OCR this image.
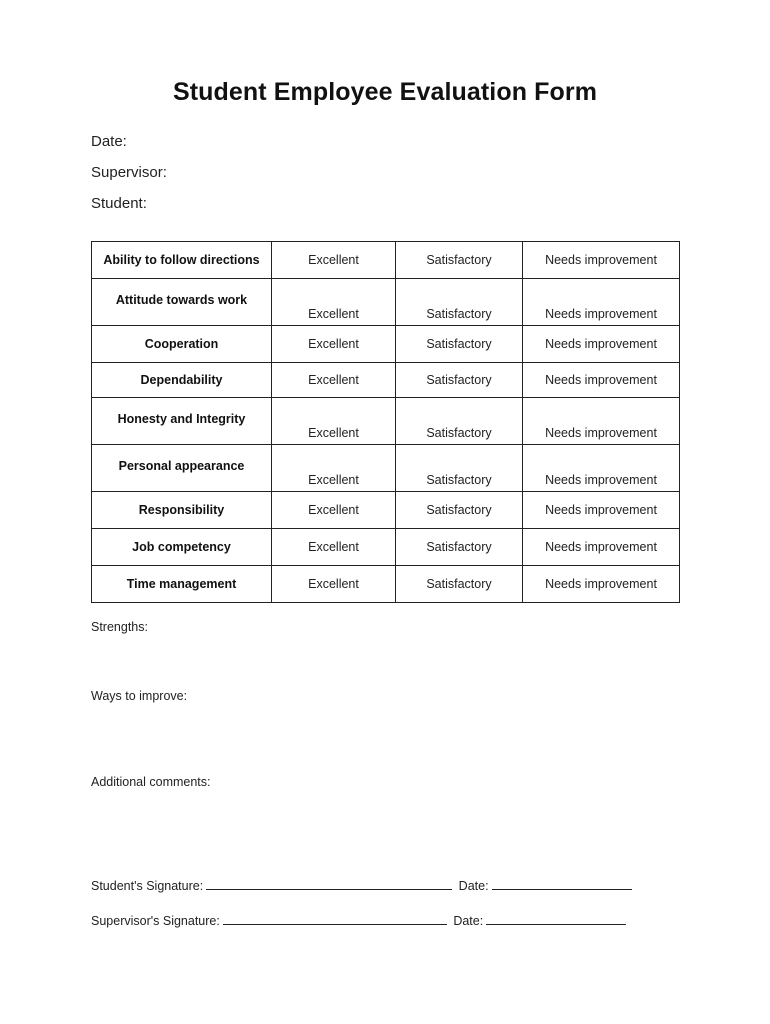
Student Employee Evaluation Form
Date:
Supervisor:
Student:
Ability to follow directions	Excellent	Satisfactory	Needs improvement
Attitude towards work	Excellent	Satisfactory	Needs improvement
Cooperation	Excellent	Satisfactory	Needs improvement
Dependability	Excellent	Satisfactory	Needs improvement
Honesty and Integrity	Excellent	Satisfactory	Needs improvement
Personal appearance	Excellent	Satisfactory	Needs improvement
Responsibility	Excellent	Satisfactory	Needs improvement
Job competency	Excellent	Satisfactory	Needs improvement
Time management	Excellent	Satisfactory	Needs improvement
Strengths:
Ways to improve:
Additional comments:
Student's Signature:	Date:
Supervisor's Signature:	Date:
